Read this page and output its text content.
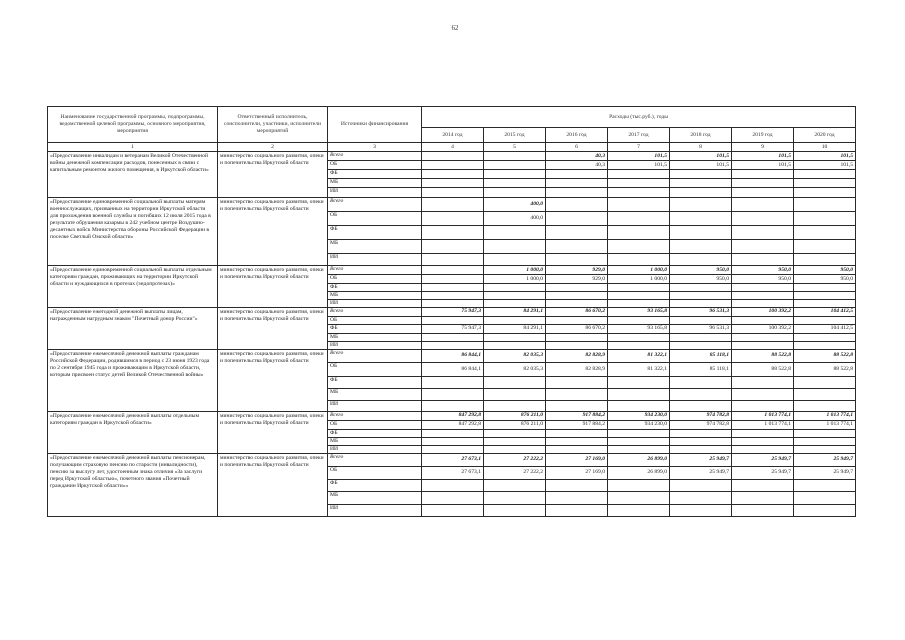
62
Наименование государственной программы, подпрограммы, ведомственной целевой программы, основного мероприятия, мероприятия	Ответственный исполнитель, соисполнители, участники, исполнители мероприятий	Источники финансирования	Расходы (тыс.руб.), годы						
			2014 год	2015 год	2016 год	2017 год	2018 год	2019 год	2020 год
1	2	3	4	5	6	7	8	9	10
«Предоставление инвалидам и ветеранам Великой Отечественной войны денежной компенсации расходов, понесенных в связи с капитальным ремонтом жилого помещения, в Иркутской области»	министерство социального развития, опеки и попечительства Иркутской области	Всего			40,3	101,5	101,5	101,5	101,5
		ОБ			40,3	101,5	101,5	101,5	101,5
		ФБ							
		МБ							
		ИИ							
«Предоставление единовременной социальной выплаты матерям военнослужащих, призванных на территории Иркутской области для прохождения военной службы и погибших 12 июля 2015 года в результате обрушения казармы в 242 учебном центре Воздушно-десантных войск Министерства обороны Российской Федерации в поселке Светлый Омской области»	министерство социального развития, опеки и попечительства Иркутской области	Всего		400,0					
		ОБ		400,0					
		ФБ							
		МБ							
		ИИ							
«Предоставление единовременной социальной выплаты отдельным категориям граждан, проживающих на территории Иркутской области и нуждающихся в протезах (эндопротезах)»	министерство социального развития, опеки и попечительства Иркутской области	Всего		1 000,0	929,0	1 000,0	950,0	950,0	950,0
		ОБ		1 000,0	929,0	1 000,0	950,0	950,0	950,0
		ФБ							
		МБ							
		ИИ							
«Предоставление ежегодной денежной выплаты лицам, награжденным нагрудным знаком "Почетный донор России"»	министерство социального развития, опеки и попечительства Иркутской области	Всего	75 947,3	84 291,1	86 670,2	93 165,8	96 531,3	100 392,2	104 412,5
		ОБ							
		ФБ	75 947,3	84 291,1	86 670,2	93 165,8	96 531,3	100 392,2	104 412,5
		МБ							
		ИИ							
«Предоставление ежемесячной денежной выплаты гражданам Российской Федерации, родившимся в период с 23 июня 1923 года по 2 сентября 1945 года и проживающим в Иркутской области, которым присвоен статус детей Великой Отечественной войны»	министерство социального развития, опеки и попечительства Иркутской области	Всего	86 844,1	82 035,3	82 828,9	81 322,1	85 118,1	88 522,8	88 522,8
		ОБ	86 844,1	82 035,3	82 828,9	81 322,1	85 118,1	88 522,8	88 522,8
		ФБ							
		МБ							
		ИИ							
«Предоставление ежемесячной денежной выплаты отдельным категориям граждан в Иркутской области»	министерство социального развития, опеки и попечительства Иркутской области	Всего	847 292,8	876 211,0	917 884,2	934 230,0	974 782,8	1 013 774,1	1 013 774,1
		ОБ	847 292,8	876 211,0	917 884,2	934 230,0	974 782,8	1 013 774,1	1 013 774,1
		ФБ							
		МБ							
		ИИ							
«Предоставление ежемесячной денежной выплаты пенсионерам, получающим страховую пенсию по старости (инвалидности), пенсию за выслугу лет, удостоенным знака отличия «За заслуги перед Иркутской областью», почетного звания «Почетный гражданин Иркутской области»»	министерство социального развития, опеки и попечительства Иркутской области	Всего	27 673,1	27 222,2	27 169,0	26 899,0	25 949,7	25 949,7	25 949,7
		ОБ	27 673,1	27 222,2	27 169,0	26 899,0	25 949,7	25 949,7	25 949,7
		ФБ							
		МБ							
		ИИ							
